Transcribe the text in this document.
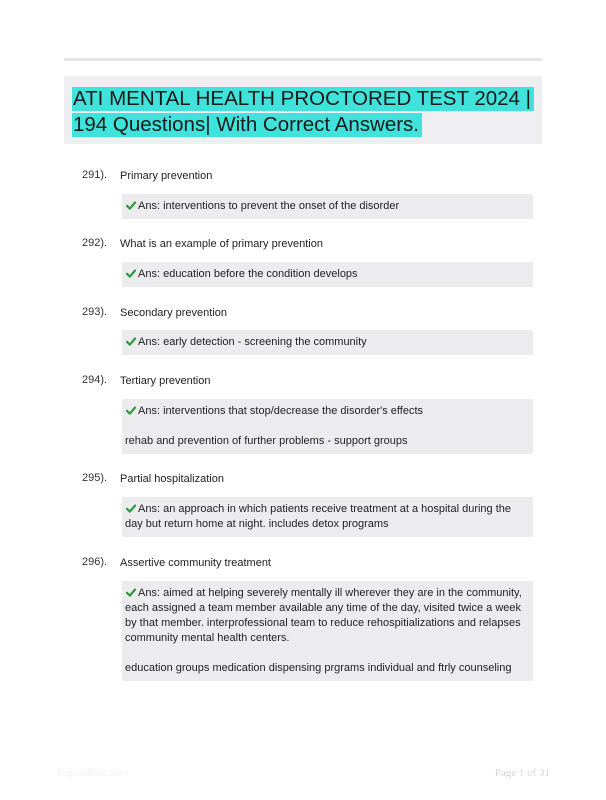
ATI MENTAL HEALTH PROCTORED TEST 2024 | 194 Questions| With Correct Answers.
291). Primary prevention

Ans: interventions to prevent the onset of the disorder

292). What is an example of primary prevention

Ans: education before the condition develops

293). Secondary prevention

Ans: early detection - screening the community

294). Tertiary prevention

Ans: interventions that stop/decrease the disorder's effects

rehab and prevention of further problems - support groups

295). Partial hospitalization

Ans: an approach in which patients receive treatment at a hospital during the day but return home at night. includes detox programs

296). Assertive community treatment

Ans: aimed at helping severely mentally ill wherever they are in the community, each assigned a team member available any time of the day, visited twice a week by that member. interprofessional team to reduce rehospitializations and relapses community mental health centers.

education groups medication dispensing prgrams individual and ftrly counseling

Paperdfbtc.com	Page 1 of 31
